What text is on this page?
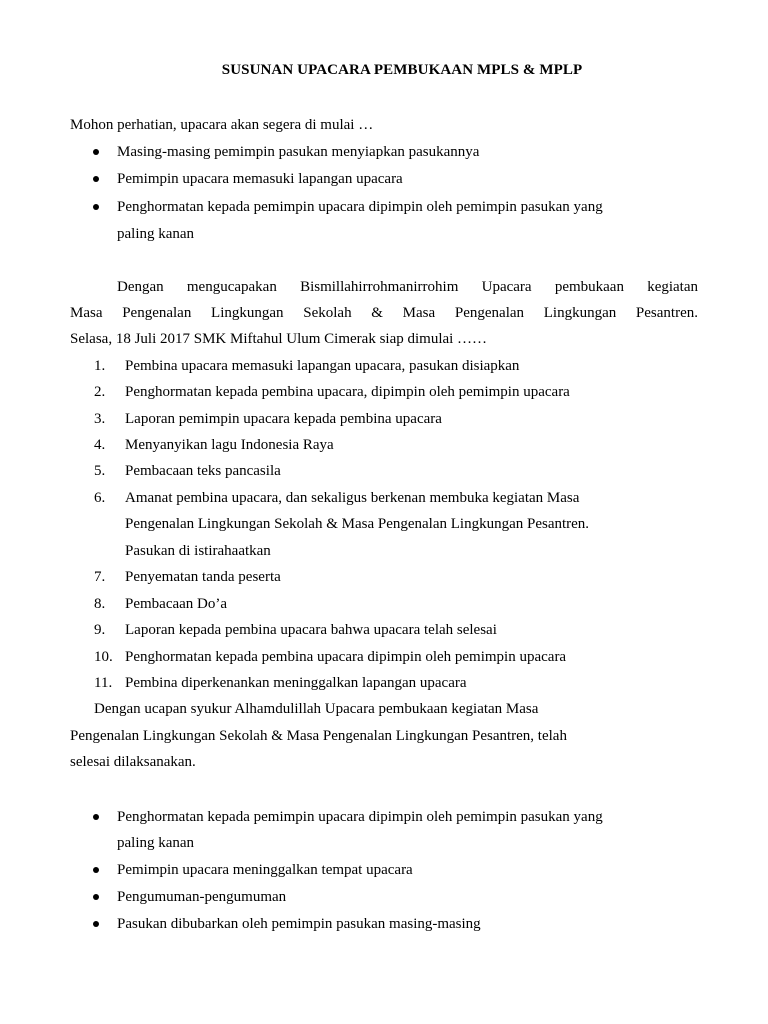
SUSUNAN UPACARA PEMBUKAAN MPLS & MPLP
Mohon perhatian, upacara akan segera di mulai …
Masing-masing pemimpin pasukan menyiapkan pasukannya
Pemimpin upacara memasuki lapangan upacara
Penghormatan kepada pemimpin upacara dipimpin oleh pemimpin pasukan yang
paling kanan
Dengan mengucapakan Bismillahirrohmanirrohim Upacara pembukaan kegiatan
Masa Pengenalan Lingkungan Sekolah & Masa Pengenalan Lingkungan Pesantren.
Selasa, 18 Juli 2017 SMK Miftahul Ulum Cimerak siap dimulai ……
1. Pembina upacara memasuki lapangan upacara, pasukan disiapkan
2. Penghormatan kepada pembina upacara, dipimpin oleh pemimpin upacara
3. Laporan pemimpin upacara kepada pembina upacara
4. Menyanyikan lagu Indonesia Raya
5. Pembacaan teks pancasila
6. Amanat pembina upacara, dan sekaligus berkenan membuka kegiatan Masa
Pengenalan Lingkungan Sekolah & Masa Pengenalan Lingkungan Pesantren.
Pasukan di istirahaatkan
7. Penyematan tanda peserta
8. Pembacaan Do’a
9. Laporan kepada pembina upacara bahwa upacara telah selesai
10. Penghormatan kepada pembina upacara dipimpin oleh pemimpin upacara
11. Pembina diperkenankan meninggalkan lapangan upacara
Dengan ucapan syukur Alhamdulillah Upacara pembukaan kegiatan Masa
Pengenalan Lingkungan Sekolah & Masa Pengenalan Lingkungan Pesantren, telah
selesai dilaksanakan.
Penghormatan kepada pemimpin upacara dipimpin oleh pemimpin pasukan yang
paling kanan
Pemimpin upacara meninggalkan tempat upacara
Pengumuman-pengumuman
Pasukan dibubarkan oleh pemimpin pasukan masing-masing
